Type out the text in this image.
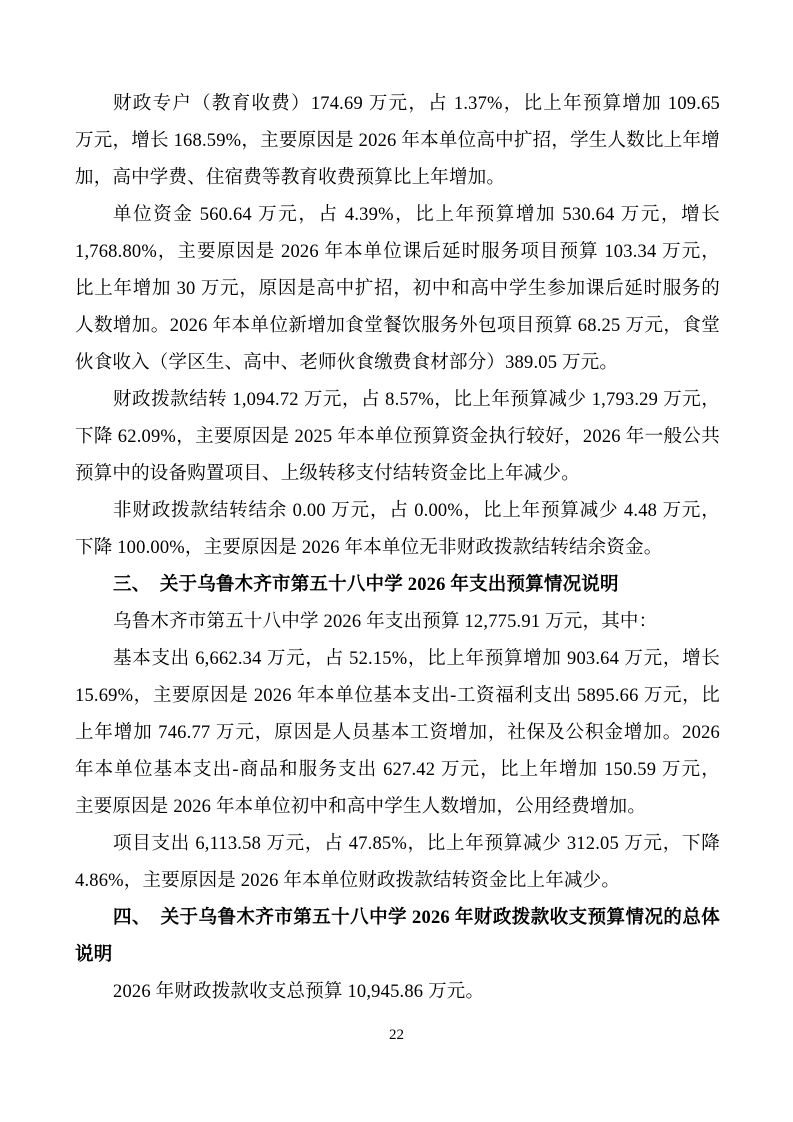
财政专户（教育收费）174.69 万元，占 1.37%，比上年预算增加 109.65
万元，增长 168.59%，主要原因是 2026 年本单位高中扩招，学生人数比上年增
加，高中学费、住宿费等教育收费预算比上年增加。
单位资金 560.64 万元，占 4.39%，比上年预算增加 530.64 万元，增长
1,768.80%，主要原因是 2026 年本单位课后延时服务项目预算 103.34 万元，
比上年增加 30 万元，原因是高中扩招，初中和高中学生参加课后延时服务的
人数增加。2026 年本单位新增加食堂餐饮服务外包项目预算 68.25 万元，食堂
伙食收入（学区生、高中、老师伙食缴费食材部分）389.05 万元。
财政拨款结转 1,094.72 万元，占 8.57%，比上年预算减少 1,793.29 万元，
下降 62.09%，主要原因是 2025 年本单位预算资金执行较好，2026 年一般公共
预算中的设备购置项目、上级转移支付结转资金比上年减少。
非财政拨款结转结余 0.00 万元，占 0.00%，比上年预算减少 4.48 万元，
下降 100.00%，主要原因是 2026 年本单位无非财政拨款结转结余资金。
三、　关于乌鲁木齐市第五十八中学 2026 年支出预算情况说明
乌鲁木齐市第五十八中学 2026 年支出预算 12,775.91 万元，其中：
基本支出 6,662.34 万元，占 52.15%，比上年预算增加 903.64 万元，增长
15.69%，主要原因是 2026 年本单位基本支出-工资福利支出 5895.66 万元，比
上年增加 746.77 万元，原因是人员基本工资增加，社保及公积金增加。2026
年本单位基本支出-商品和服务支出 627.42 万元，比上年增加 150.59 万元，
主要原因是 2026 年本单位初中和高中学生人数增加，公用经费增加。
项目支出 6,113.58 万元，占 47.85%，比上年预算减少 312.05 万元，下降
4.86%，主要原因是 2026 年本单位财政拨款结转资金比上年减少。
四、　关于乌鲁木齐市第五十八中学 2026 年财政拨款收支预算情况的总体
说明
2026 年财政拨款收支总预算 10,945.86 万元。
22
